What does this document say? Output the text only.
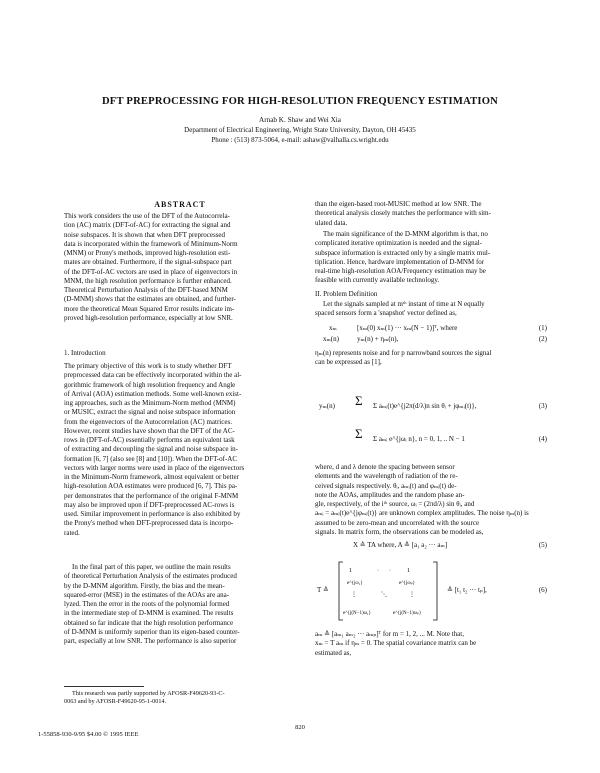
DFT PREPROCESSING FOR HIGH-RESOLUTION FREQUENCY ESTIMATION
Arnab K. Shaw and Wei Xia
Department of Electrical Engineering, Wright State University, Dayton, OH 45435
Phone : (513) 873-5064, e-mail: ashaw@valhalla.cs.wright.edu
ABSTRACT
This work considers the use of the DFT of the Autocorrela-
tion (AC) matrix (DFT-of-AC) for extracting the signal and
noise subspaces. It is shown that when DFT preprocessed
data is incorporated within the framework of Minimum-Norm
(MNM) or Prony's methods, improved high-resolution esti-
mates are obtained. Furthermore, if the signal-subspace part
of the DFT-of-AC vectors are used in place of eigenvectors in
MNM, the high resolution performance is further enhanced.
Theoretical Perturbation Analysis of the DFT-based MNM
(D-MNM) shows that the estimates are obtained, and further-
more the theoretical Mean Squared Error results indicate im-
proved high-resolution performance, especially at low SNR.
1. Introduction
The primary objective of this work is to study whether DFT
preprocessed data can be effectively incorporated within the al-
gorithmic framework of high resolution frequency and Angle
of Arrival (AOA) estimation methods. Some well-known exist-
ing approaches, such as the Minimum-Norm method (MNM)
or MUSIC, extract the signal and noise subspace information
from the eigenvectors of the Autocorrelation (AC) matrices.
However, recent studies have shown that the DFT of the AC-
rows in (DFT-of-AC) essentially performs an equivalent task
of extracting and decoupling the signal and noise subspace in-
formation [6, 7] (also see [8] and [10]). When the DFT-of-AC
vectors with larger norms were used in place of the eigenvectors
in the Minimum-Norm framework, almost equivalent or better
high-resolution AOA estimates were produced [6, 7]. This pa-
per demonstrates that the performance of the original F-MNM
may also be improved upon if DFT-preprocessed AC-rows is
used. Similar improvement in performance is also exhibited by
the Prony's method when DFT-preprocessed data is incorpo-
rated.
In the final part of this paper, we outline the main results
of theoretical Perturbation Analysis of the estimates produced
by the D-MNM algorithm. Firstly, the bias and the mean-
squared-error (MSE) in the estimates of the AOAs are ana-
lyzed. Then the error in the roots of the polynomial formed
in the intermediate step of D-MNM is examined. The results
obtained so far indicate that the high resolution performance
of D-MNM is uniformly superior than its eigen-based counter-
part, especially at low SNR. The performance is also superior
This research was partly supported by AFOSR-F49620-93-C-
0063 and by AFOSR-F49620-95-1-0014.
than the eigen-based root-MUSIC method at low SNR. The
theoretical analysis closely matches the performance with sim-
ulated data.
The main significance of the D-MNM algorithm is that, no
complicated iterative optimization is needed and the signal-
subspace information is extracted only by a single matrix mul-
tiplication. Hence, hardware implementation of D-MNM for
real-time high-resolution AOA/Frequency estimation may be
feasible with currently available technology.
II. Problem Definition
Let the signals sampled at mᵗʰ instant of time at N equally
spaced sensors form a 'snapshot' vector defined as,
xₘ	[xₘ(0) xₘ(1) ··· xₘ(N − 1)]ᵀ, where	(1)
xₘ(n)	yₘ(n) + ηₘ(n),	(2)
ηₘ(n) represents noise and for p narrowband sources the signal
can be expressed as [1],
yₘ(n) Σ Σ aₘᵢ(t)e^{j2π(d/λ)n sin θᵢ + jφₘᵢ(t)},	(3)
Σ Σ aₘᵢ e^{jωᵢ n}, n = 0, 1, .. N − 1	(4)
where, d and λ denote the spacing between sensor
elements and the wavelength of radiation of the re-
ceived signals respectively. θᵢ, aₘᵢ(t) and φₘᵢ(t) de-
note the AOAs, amplitudes and the random phase an-
gle, respectively, of the iᵗʰ source, ωᵢ = (2πd/λ) sin θᵢ, and
aₘᵢ = aₘᵢ(t)e^{jφₘᵢ(t)} are unknown complex amplitudes. The noise ηₘ(n) is
assumed to be zero-mean and uncorrelated with the source
signals. In matrix form, the observations can be modeled as,
X ≙ TA where, A ≙ [a₁ a₂ ··· aₘ]	(5)
T ≙
1	· ·	1
e^{jω₁}	e^{jωₚ}
⋮	⋱	⋮
e^{j(N−1)ω₁}	e^{j(N−1)ωₚ}
≙ [t₁ t₂ ··· tₚ],	(6)
aₘ ≙ [aₘ₁ aₘ₂ ··· aₘₚ]ᵀ for m = 1, 2, ... M. Note that,
xₘ = T aₘ if ηₘ = 0. The spatial covariance matrix can be
estimated as,
820
1-55858-930-9/95 $4.00 © 1995 IEEE
